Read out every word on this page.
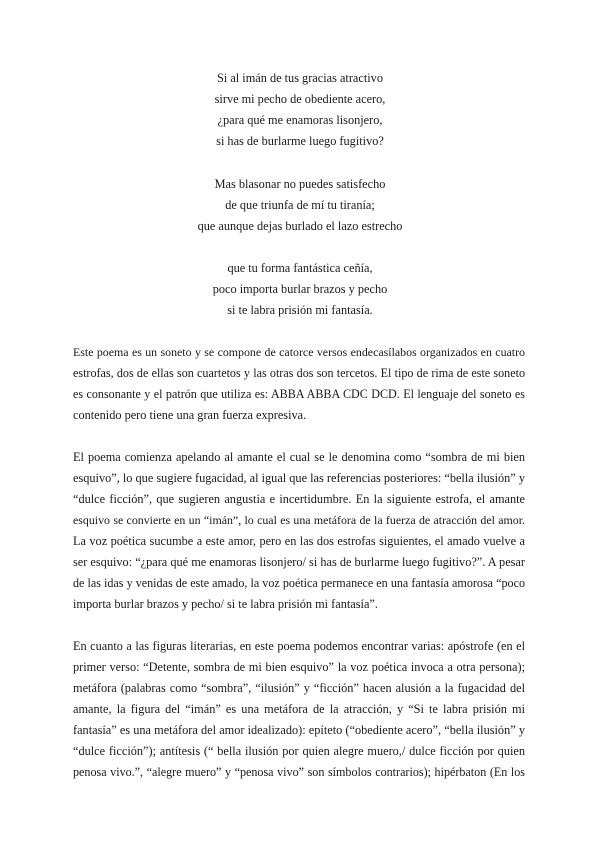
Si al imán de tus gracias atractivo
sirve mi pecho de obediente acero,
¿para qué me enamoras lisonjero,
si has de burlarme luego fugitivo?
Mas blasonar no puedes satisfecho
de que triunfa de mí tu tiranía;
que aunque dejas burlado el lazo estrecho
que tu forma fantástica ceñía,
poco importa burlar brazos y pecho
si te labra prisión mi fantasía.
Este poema es un soneto y se compone de catorce versos endecasílabos organizados en cuatro
estrofas, dos de ellas son cuartetos y las otras dos son tercetos. El tipo de rima de este soneto
es consonante y el patrón que utiliza es: ABBA ABBA CDC DCD. El lenguaje del soneto es
contenido pero tiene una gran fuerza expresiva.
El poema comienza apelando al amante el cual se le denomina como “sombra de mi bien
esquivo”, lo que sugiere fugacidad, al igual que las referencias posteriores: “bella ilusión” y
“dulce ficción”, que sugieren angustia e incertidumbre. En la siguiente estrofa, el amante
esquivo se convierte en un “imán”, lo cual es una metáfora de la fuerza de atracción del amor.
La voz poética sucumbe a este amor, pero en las dos estrofas siguientes, el amado vuelve a
ser esquivo: “¿para qué me enamoras lisonjero/ si has de burlarme luego fugitivo?”. A pesar
de las idas y venidas de este amado, la voz poética permanece en una fantasía amorosa “poco
importa burlar brazos y pecho/ si te labra prisión mi fantasía”.
En cuanto a las figuras literarias, en este poema podemos encontrar varias: apóstrofe (en el
primer verso: “Detente, sombra de mi bien esquivo” la voz poética invoca a otra persona);
metáfora (palabras como “sombra”, “ilusión” y “ficción” hacen alusión a la fugacidad del
amante, la figura del “imán” es una metáfora de la atracción, y “Si te labra prisión mi
fantasía” es una metáfora del amor idealizado): epíteto (“obediente acero”, “bella ilusión” y
“dulce ficción”); antítesis (“ bella ilusión por quien alegre muero,/ dulce ficción por quien
penosa vivo.”, “alegre muero” y “penosa vivo” son símbolos contrarios); hipérbaton (En los
